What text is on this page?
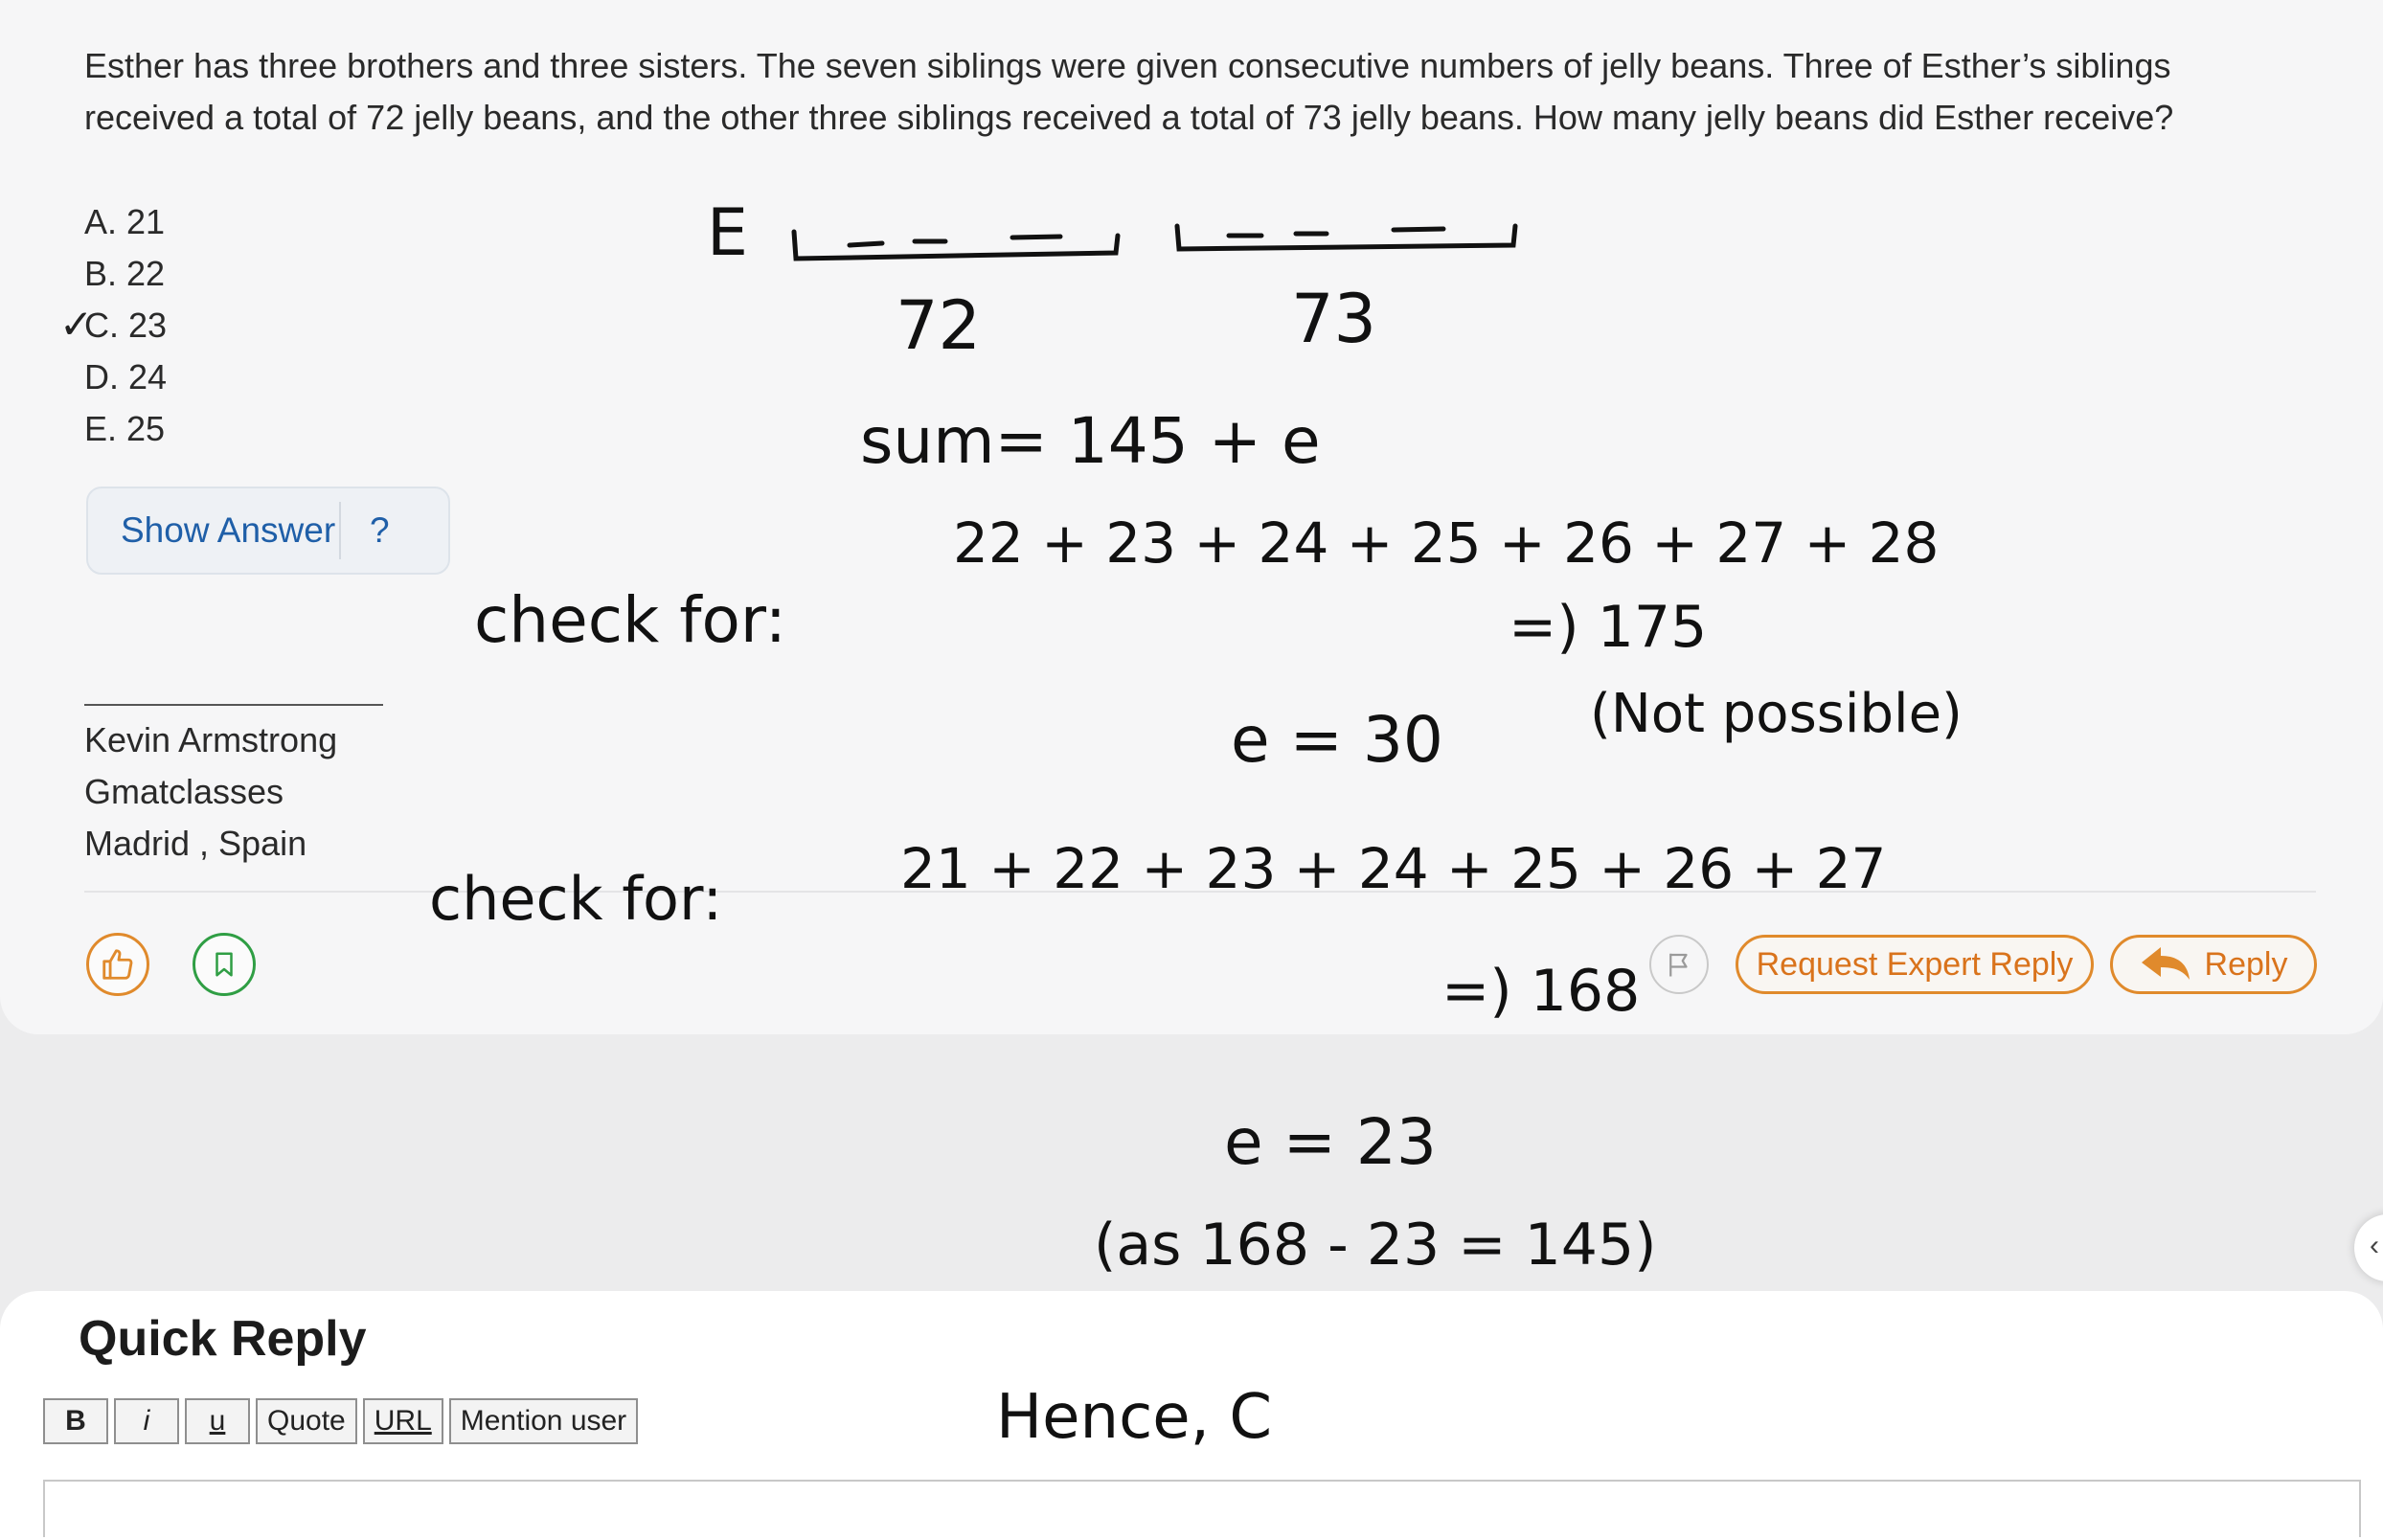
Esther has three brothers and three sisters. The seven siblings were given consecutive numbers of jelly beans. Three of Esther’s siblings received a total of 72 jelly beans, and the other three siblings received a total of 73 jelly beans. How many jelly beans did Esther receive?
A. 21
B. 22
C. 23
D. 24
E. 25
Show Answer ?
Kevin Armstrong
Gmatclasses
Madrid , Spain
Request Expert Reply	Reply
Quick Reply
B	i	u	Quote	URL	Mention user
‹
✓
E
72	73
sum= 145 + e
check for:
22 + 23 + 24 + 25 + 26 + 27 + 28
=) 175
e = 30	(Not possible)
check for:	21 + 22 + 23 + 24 + 25 + 26 + 27
=) 168
e = 23
(as 168 - 23 = 145)
Hence, C
